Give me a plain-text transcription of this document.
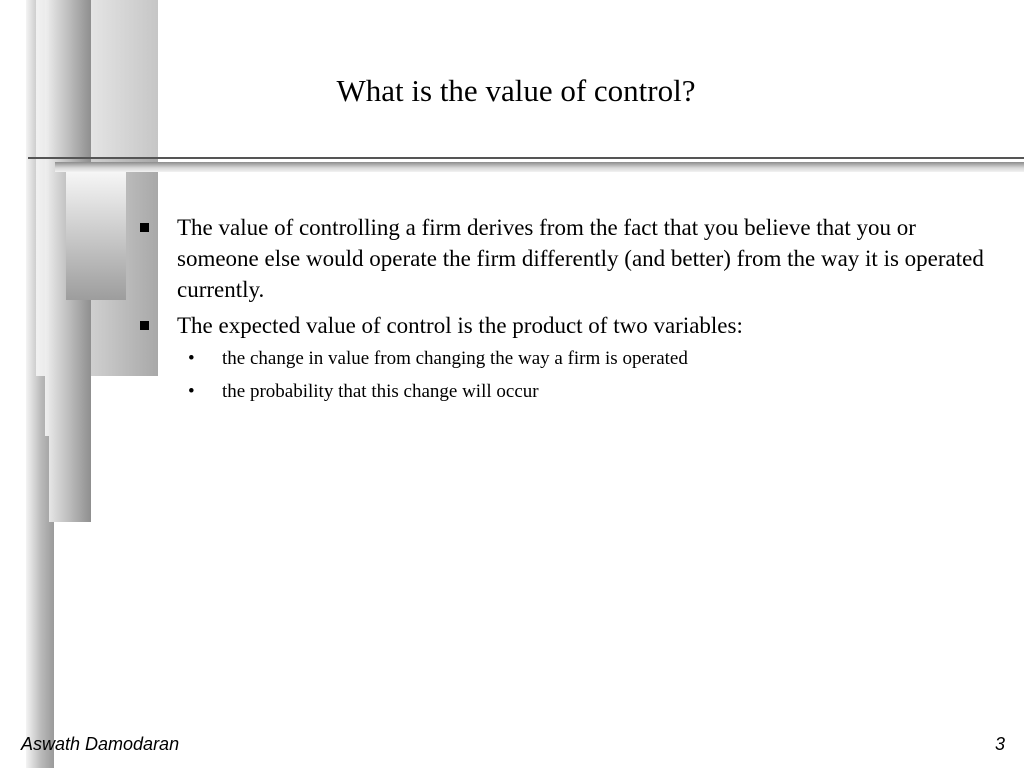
What is the value of control?
The value of controlling a firm derives from the fact that you believe that you or someone else would operate the firm differently (and better) from the way it is operated currently.
The expected value of control is the product of two variables:
• the change in value from changing the way a firm is operated
• the probability that this change will occur
Aswath Damodaran	3
